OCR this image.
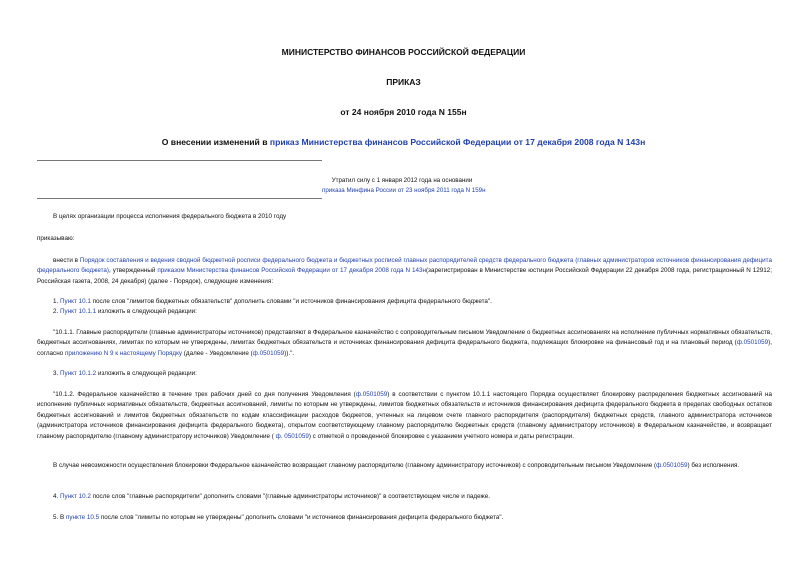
МИНИСТЕРСТВО ФИНАНСОВ РОССИЙСКОЙ ФЕДЕРАЦИИ
ПРИКАЗ
от 24 ноября 2010 года N 155н
О внесении изменений в приказ Министерства финансов Российской Федерации от 17 декабря 2008 года N 143н
Утратил силу с 1 января 2012 года на основании
приказа Минфина России от 23 ноября 2011 года N 159н
В целях организации процесса исполнения федерального бюджета в 2010 году
приказываю:
внести в Порядок составления и ведения сводной бюджетной росписи федерального бюджета и бюджетных росписей главных распорядителей средств федерального бюджета (главных администраторов источников финансирования дефицита федерального бюджета), утвержденный приказом Министерства финансов Российской Федерации от 17 декабря 2008 года N 143н(зарегистрирован в Министерстве юстиции Российской Федерации 22 декабря 2008 года, регистрационный N 12912; Российская газета, 2008, 24 декабря) (далее - Порядок), следующие изменения:
1. Пункт 10.1 после слов "лимитов бюджетных обязательств" дополнить словами "и источников финансирования дефицита федерального бюджета".
2. Пункт 10.1.1 изложить в следующей редакции:
"10.1.1. Главные распорядители (главные администраторы источников) представляют в Федеральное казначейство с сопроводительным письмом Уведомление о бюджетных ассигнованиях на исполнение публичных нормативных обязательств, бюджетных ассигнованиях, лимитах по которым не утверждены, лимитах бюджетных обязательств и источниках финансирования дефицита федерального бюджета, подлежащих блокировке на финансовый год и на плановый период (ф.0501059), согласно приложению N 9 к настоящему Порядку (далее - Уведомление (ф.0501059)).".
3. Пункт 10.1.2 изложить в следующей редакции:
"10.1.2. Федеральное казначейство в течение трех рабочих дней со дня получения Уведомления (ф.0501059) в соответствии с пунктом 10.1.1 настоящего Порядка осуществляет блокировку распределения бюджетных ассигнований на исполнение публичных нормативных обязательств, бюджетных ассигнований, лимиты по которым не утверждены, лимитов бюджетных обязательств и источников финансирования дефицита федерального бюджета в пределах свободных остатков бюджетных ассигнований и лимитов бюджетных обязательств по кодам классификации расходов бюджетов, учтенных на лицевом счете главного распорядителя (распорядителя) бюджетных средств, главного администратора источников (администратора источников финансирования дефицита федерального бюджета), открытом соответствующему главному распорядителю бюджетных средств (главному администратору источников) в Федеральном казначействе, и возвращает главному распорядителю (главному администратору источников) Уведомление ( ф. 0501059) с отметкой о проведенной блокировке с указанием учетного номера и даты регистрации.
В случае невозможности осуществления блокировки Федеральное казначейство возвращает главному распорядителю (главному администратору источников) с сопроводительным письмом Уведомление (ф.0501059) без исполнения.
4. Пункт 10.2 после слов "главные распорядители" дополнить словами "(главные администраторы источников)" в соответствующем числе и падеже.
5. В пункте 10.5 после слов "лимиты по которым не утверждены" дополнить словами "и источников финансирования дефицита федерального бюджета".
